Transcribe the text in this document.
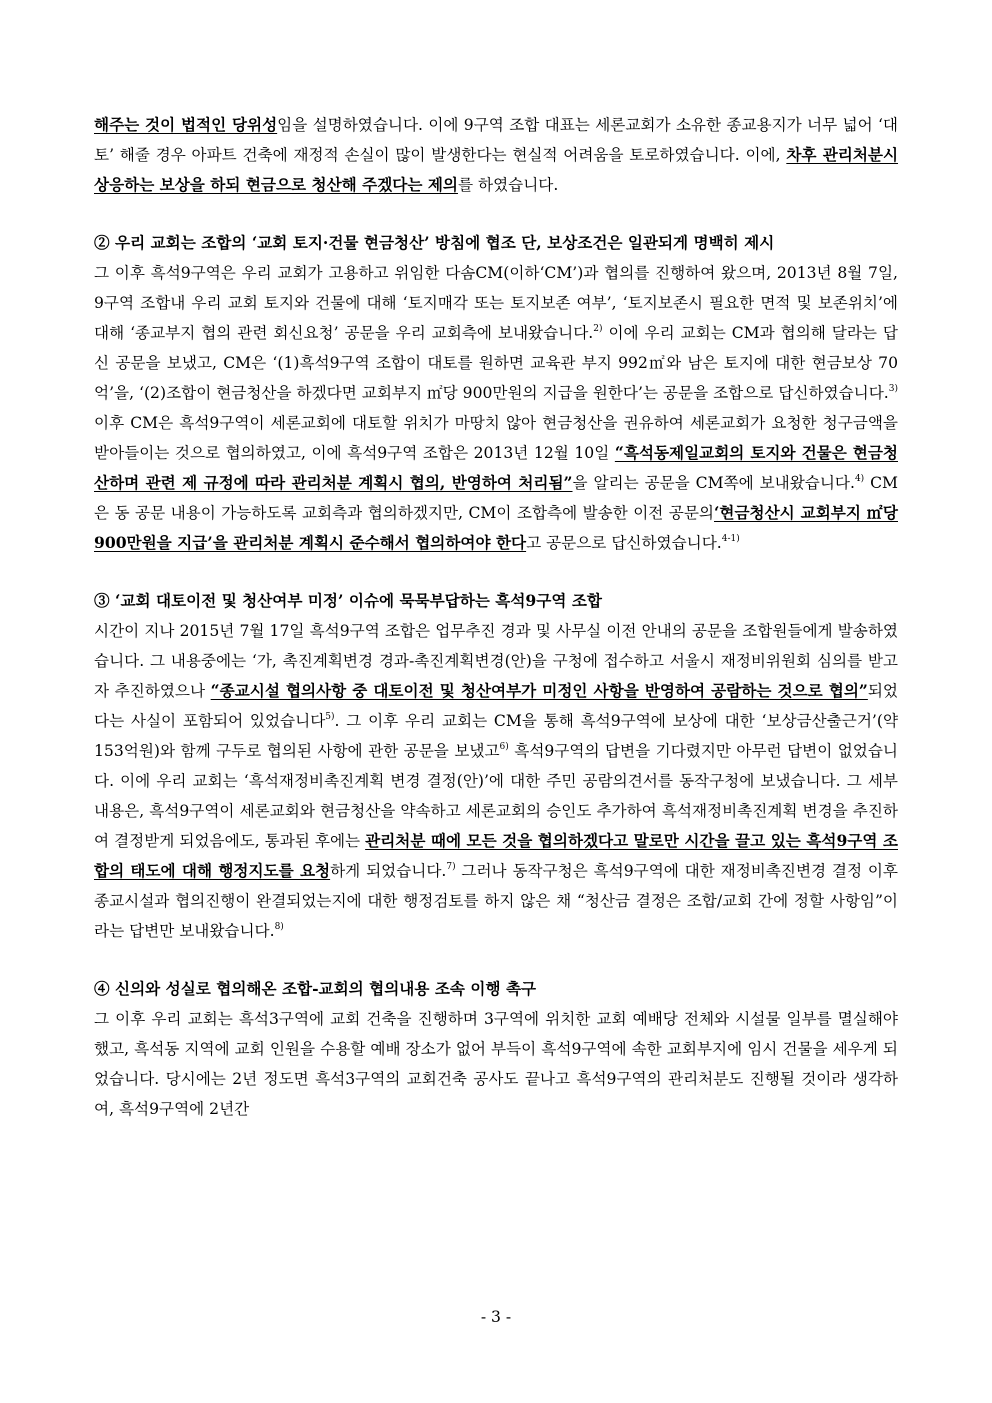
해주는 것이 법적인 당위성임을 설명하였습니다. 이에 9구역 조합 대표는 세론교회가 소유한 종교용지가 너무 넓어 ‘대토’ 해줄 경우 아파트 건축에 재정적 손실이 많이 발생한다는 현실적 어려움을 토로하였습니다. 이에, 차후 관리처분시 상응하는 보상을 하되 현금으로 청산해 주겠다는 제의를 하였습니다.

② 우리 교회는 조합의 ‘교회 토지·건물 현금청산’ 방침에 협조 단, 보상조건은 일관되게 명백히 제시

그 이후 흑석9구역은 우리 교회가 고용하고 위임한 다솜CM(이하‘CM’)과 협의를 진행하여 왔으며, 2013년 8월 7일, 9구역 조합내 우리 교회 토지와 건물에 대해 ‘토지매각 또는 토지보존 여부’, ‘토지보존시 필요한 면적 및 보존위치’에 대해 ‘종교부지 협의 관련 회신요청’ 공문을 우리 교회측에 보내왔습니다.$^{2)}$ 이에 우리 교회는 CM과 협의해 달라는 답신 공문을 보냈고, CM은 ‘(1)흑석9구역 조합이 대토를 원하면 교육관 부지 992㎡와 남은 토지에 대한 현금보상 70억’을, ‘(2)조합이 현금청산을 하겠다면 교회부지 ㎡당 900만원의 지급을 원한다’는 공문을 조합으로 답신하였습니다.$^{3)}$ 이후 CM은 흑석9구역이 세론교회에 대토할 위치가 마땅치 않아 현금청산을 권유하여 세론교회가 요청한 청구금액을 받아들이는 것으로 협의하였고, 이에 흑석9구역 조합은 2013년 12월 10일 “흑석동제일교회의 토지와 건물은 현금청산하며 관련 제 규정에 따라 관리처분 계획시 협의, 반영하여 처리됨”을 알리는 공문을 CM쪽에 보내왔습니다.$^{4)}$ CM은 동 공문 내용이 가능하도록 교회측과 협의하겠지만, CM이 조합측에 발송한 이전 공문의‘현금청산시 교회부지 ㎡당 900만원을 지급’을 관리처분 계획시 준수해서 협의하여야 한다고 공문으로 답신하였습니다.$^{4-1)}$

③ ‘교회 대토이전 및 청산여부 미정’ 이슈에 묵묵부답하는 흑석9구역 조합

시간이 지나 2015년 7월 17일 흑석9구역 조합은 업무추진 경과 및 사무실 이전 안내의 공문을 조합원들에게 발송하였습니다. 그 내용중에는 ‘가, 촉진계획변경 경과-촉진계획변경(안)을 구청에 접수하고 서울시 재정비위원회 심의를 받고자 추진하였으나 “종교시설 협의사항 중 대토이전 및 청산여부가 미정인 사항을 반영하여 공람하는 것으로 협의”되었다는 사실이 포함되어 있었습니다$^{5)}$. 그 이후 우리 교회는 CM을 통해 흑석9구역에 보상에 대한 ‘보상금산출근거’(약153억원)와 함께 구두로 협의된 사항에 관한 공문을 보냈고$^{6)}$ 흑석9구역의 답변을 기다렸지만 아무런 답변이 없었습니다. 이에 우리 교회는 ‘흑석재정비촉진계획 변경 결정(안)’에 대한 주민 공람의견서를 동작구청에 보냈습니다. 그 세부내용은, 흑석9구역이 세론교회와 현금청산을 약속하고 세론교회의 승인도 추가하여 흑석재정비촉진계획 변경을 추진하여 결정받게 되었음에도, 통과된 후에는 관리처분 때에 모든 것을 협의하겠다고 말로만 시간을 끌고 있는 흑석9구역 조합의 태도에 대해 행정지도를 요청하게 되었습니다.$^{7)}$ 그러나 동작구청은 흑석9구역에 대한 재정비촉진변경 결정 이후 종교시설과 협의진행이 완결되었는지에 대한 행정검토를 하지 않은 채 “청산금 결정은 조합/교회 간에 정할 사항임”이라는 답변만 보내왔습니다.$^{8)}$

④ 신의와 성실로 협의해온 조합-교회의 협의내용 조속 이행 촉구

그 이후 우리 교회는 흑석3구역에 교회 건축을 진행하며 3구역에 위치한 교회 예배당 전체와 시설물 일부를 멸실해야 했고, 흑석동 지역에 교회 인원을 수용할 예배 장소가 없어 부득이 흑석9구역에 속한 교회부지에 임시 건물을 세우게 되었습니다. 당시에는 2년 정도면 흑석3구역의 교회건축 공사도 끝나고 흑석9구역의 관리처분도 진행될 것이라 생각하여, 흑석9구역에 2년간

- 3 -
